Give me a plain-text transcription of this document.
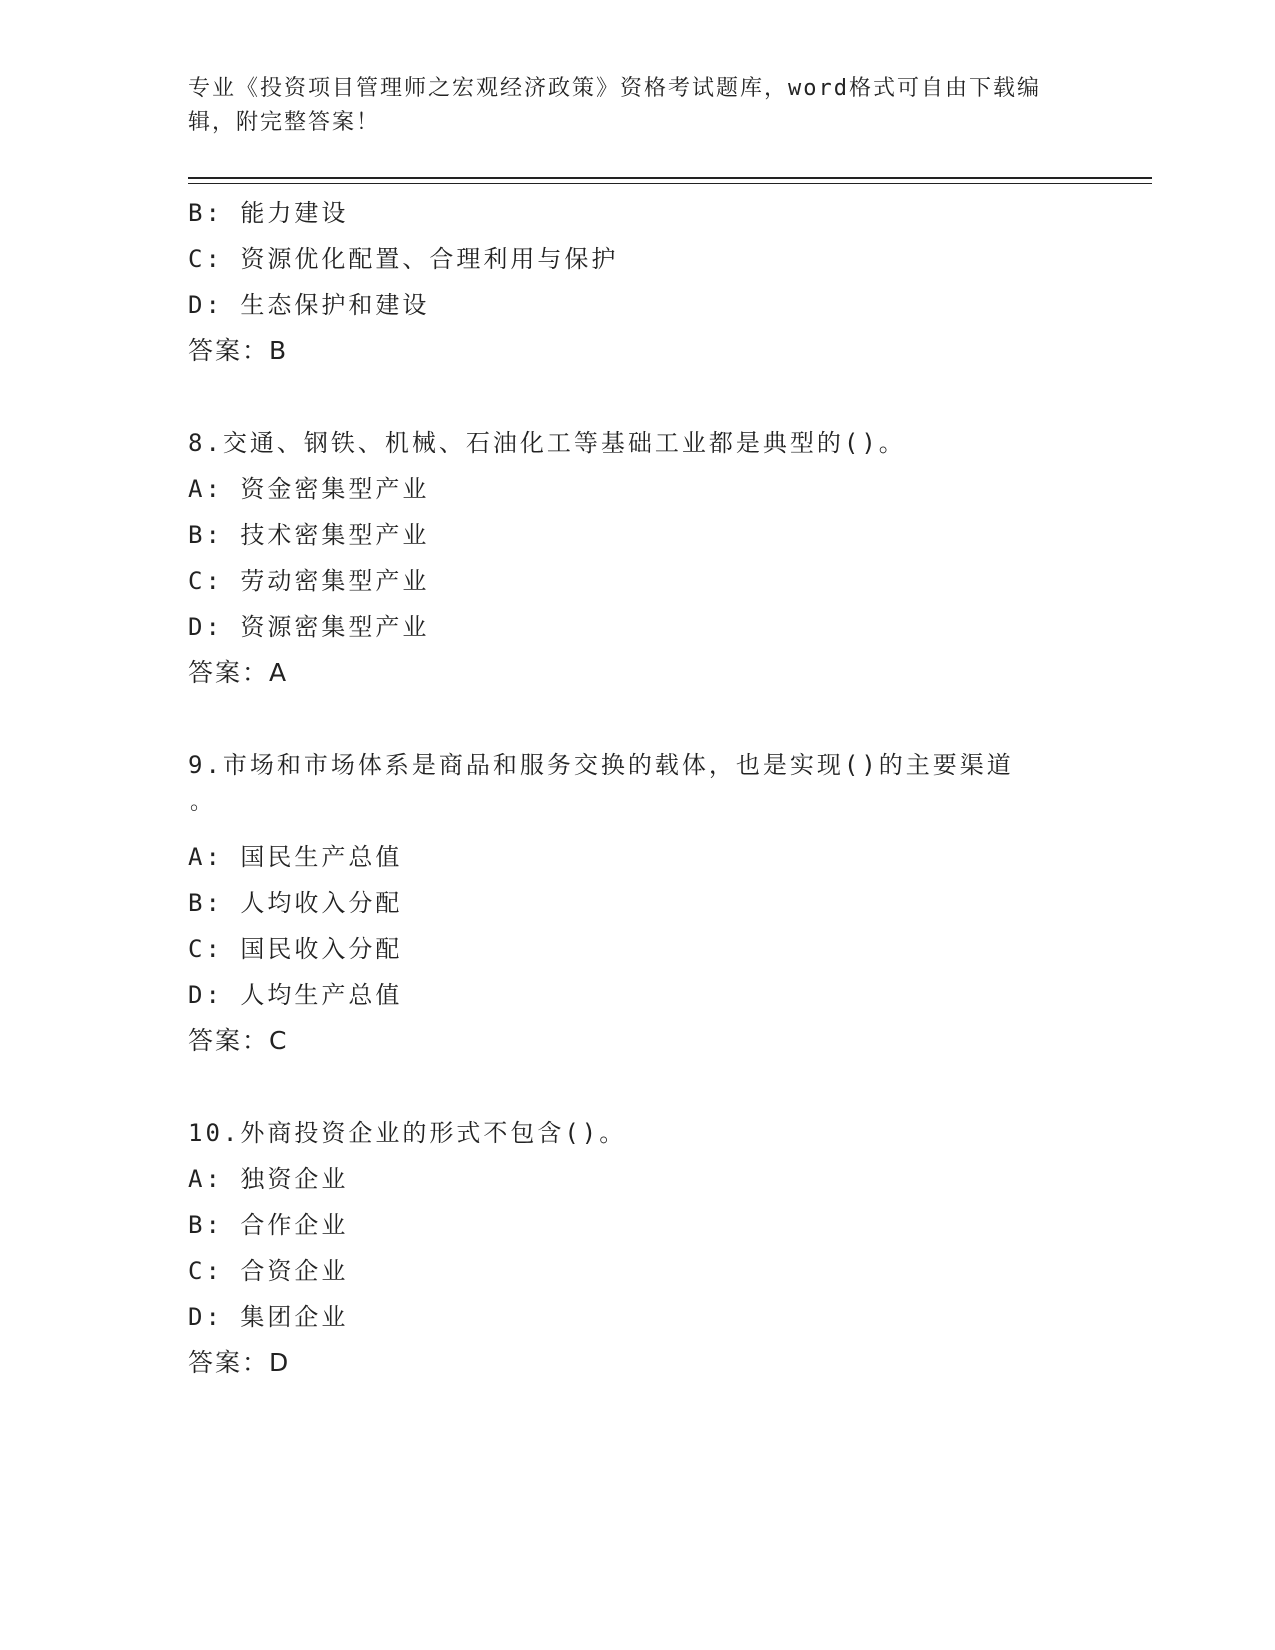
专业《投资项目管理师之宏观经济政策》资格考试题库，word格式可自由下载编
辑，附完整答案！
B: 能力建设
C: 资源优化配置、合理利用与保护
D: 生态保护和建设
答案：B
8.交通、钢铁、机械、石油化工等基础工业都是典型的()。
A: 资金密集型产业
B: 技术密集型产业
C: 劳动密集型产业
D: 资源密集型产业
答案：A
9.市场和市场体系是商品和服务交换的载体，也是实现()的主要渠道
。
A: 国民生产总值
B: 人均收入分配
C: 国民收入分配
D: 人均生产总值
答案：C
10.外商投资企业的形式不包含()。
A: 独资企业
B: 合作企业
C: 合资企业
D: 集团企业
答案：D
